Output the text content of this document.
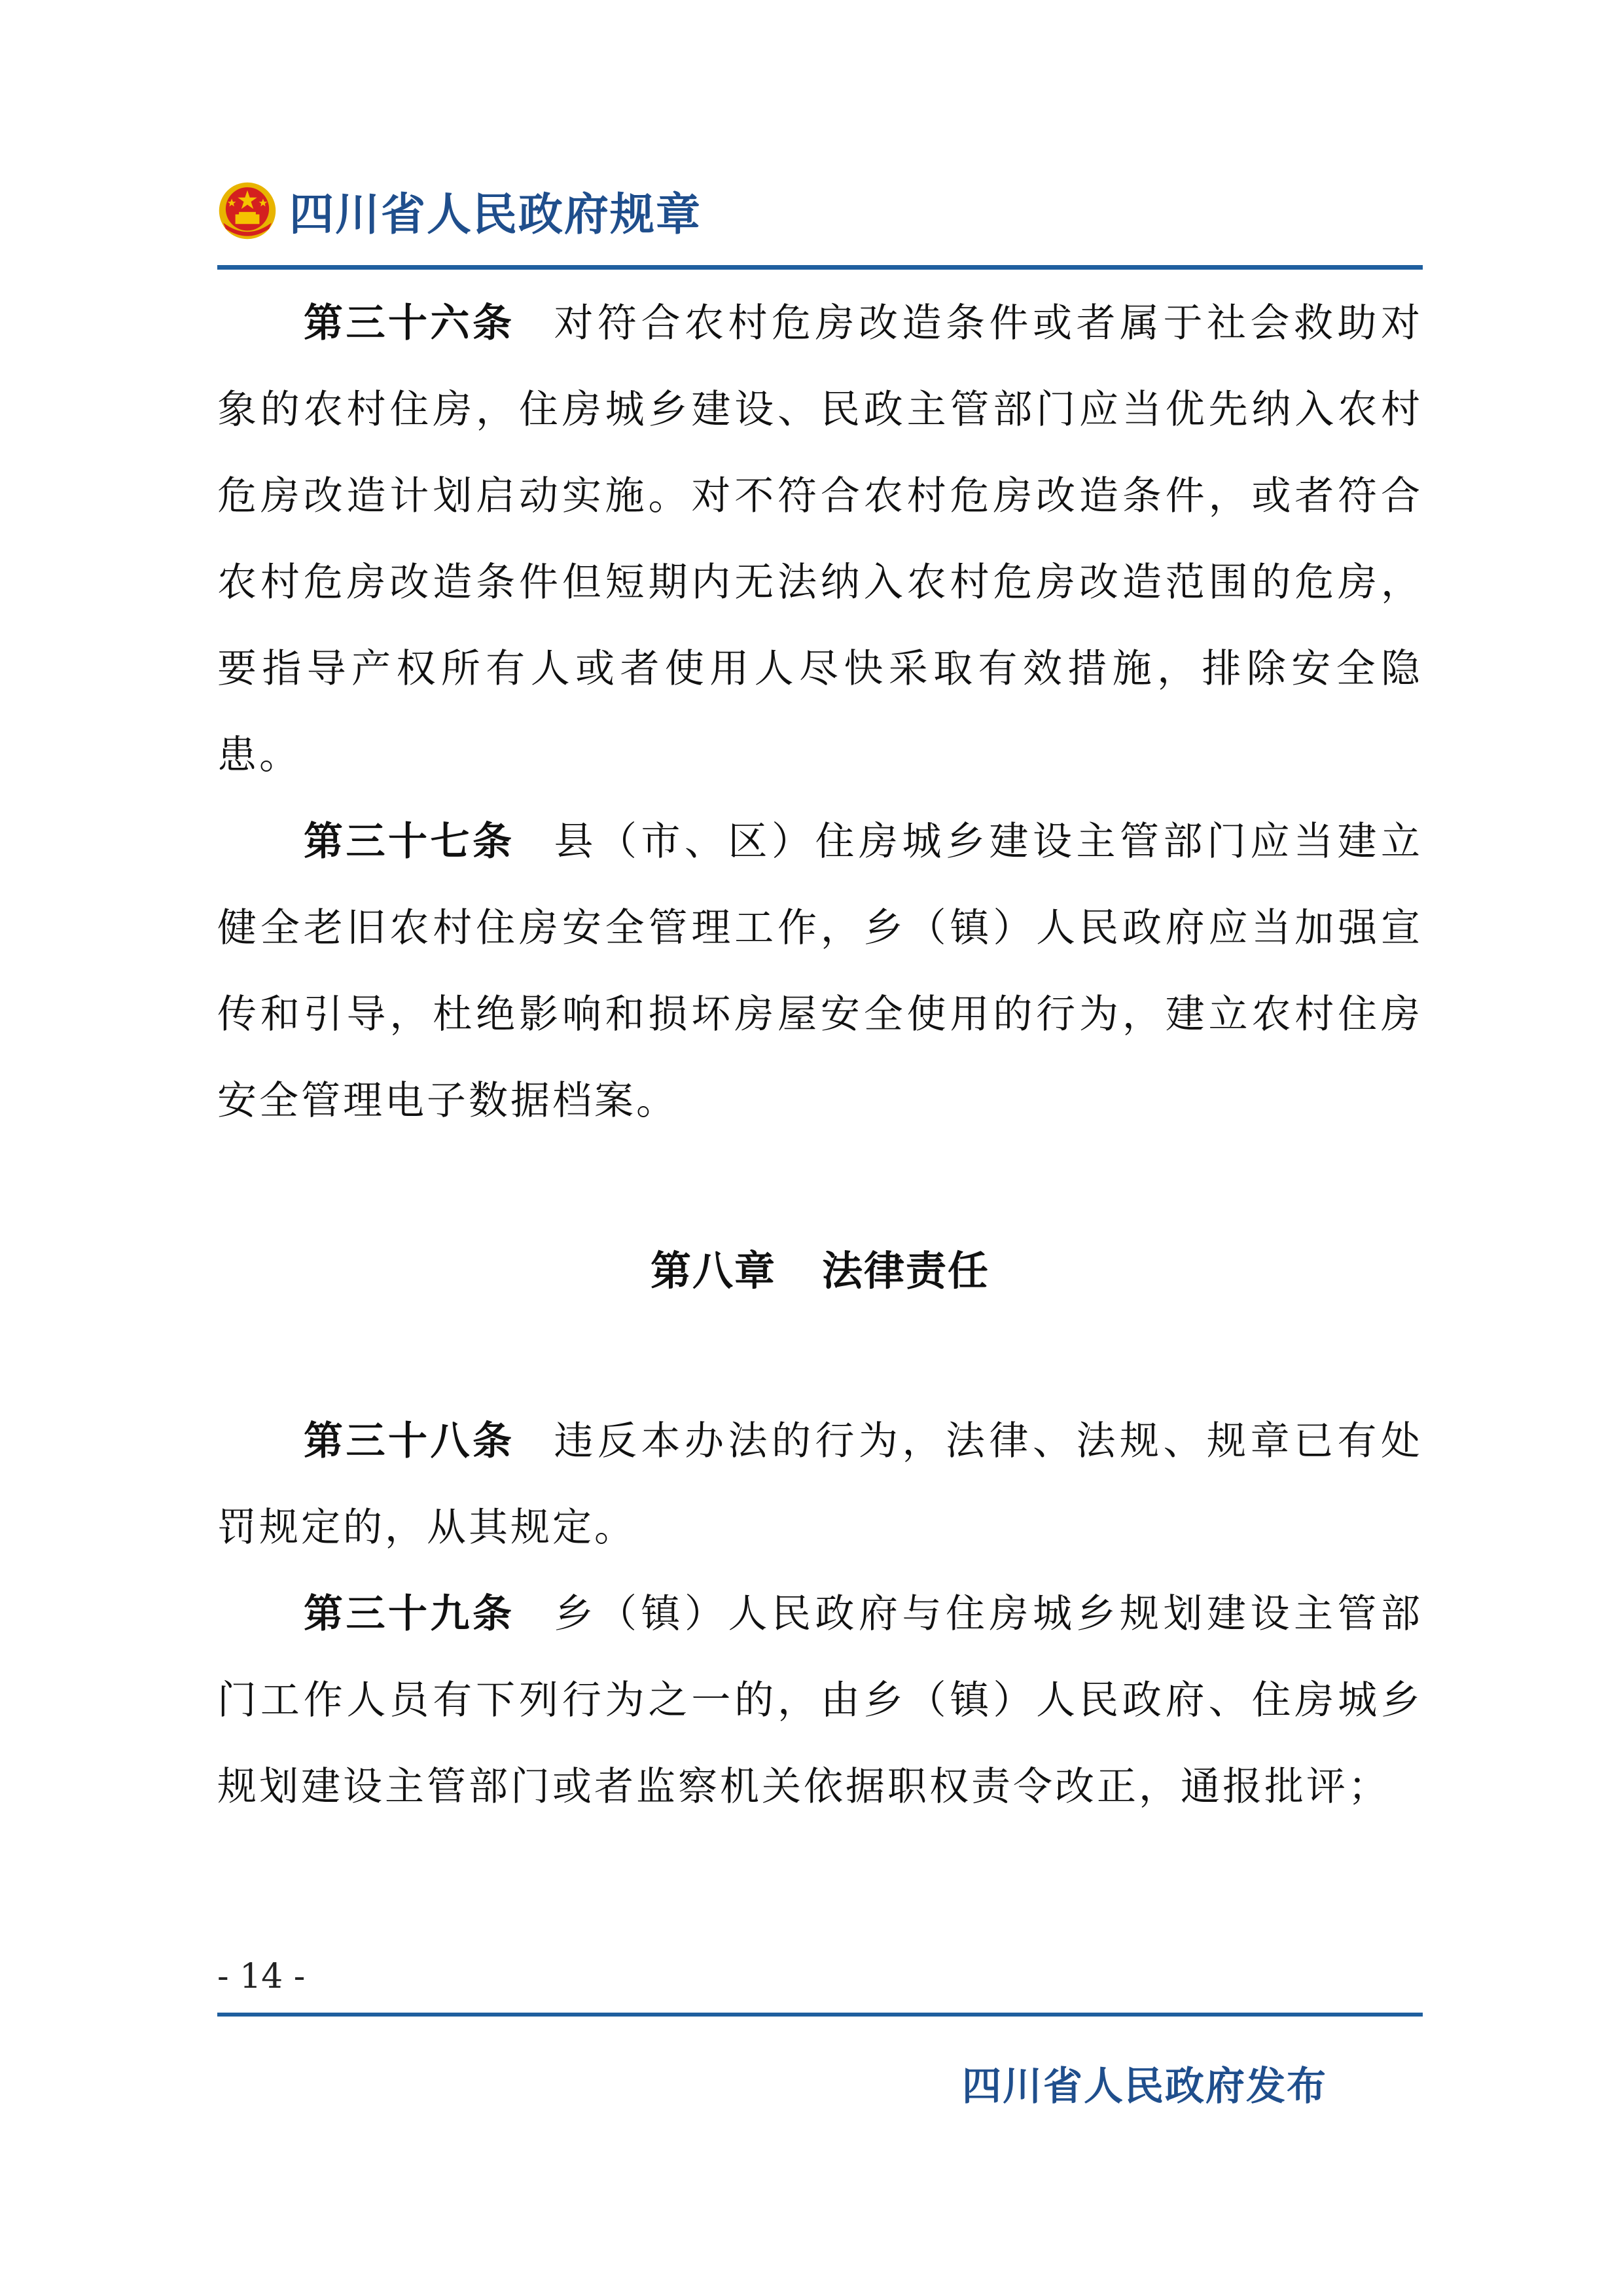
四川省人民政府规章

第三十六条 对符合农村危房改造条件或者属于社会救助对象的农村住房，住房城乡建设、民政主管部门应当优先纳入农村危房改造计划启动实施。对不符合农村危房改造条件，或者符合农村危房改造条件但短期内无法纳入农村危房改造范围的危房，要指导产权所有人或者使用人尽快采取有效措施，排除安全隐患。

第三十七条 县（市、区）住房城乡建设主管部门应当建立健全老旧农村住房安全管理工作，乡（镇）人民政府应当加强宣传和引导，杜绝影响和损坏房屋安全使用的行为，建立农村住房安全管理电子数据档案。

第八章 法律责任

第三十八条 违反本办法的行为，法律、法规、规章已有处罚规定的，从其规定。

第三十九条 乡（镇）人民政府与住房城乡规划建设主管部门工作人员有下列行为之一的，由乡（镇）人民政府、住房城乡规划建设主管部门或者监察机关依据职权责令改正，通报批评；

- 14 -
四川省人民政府发布
